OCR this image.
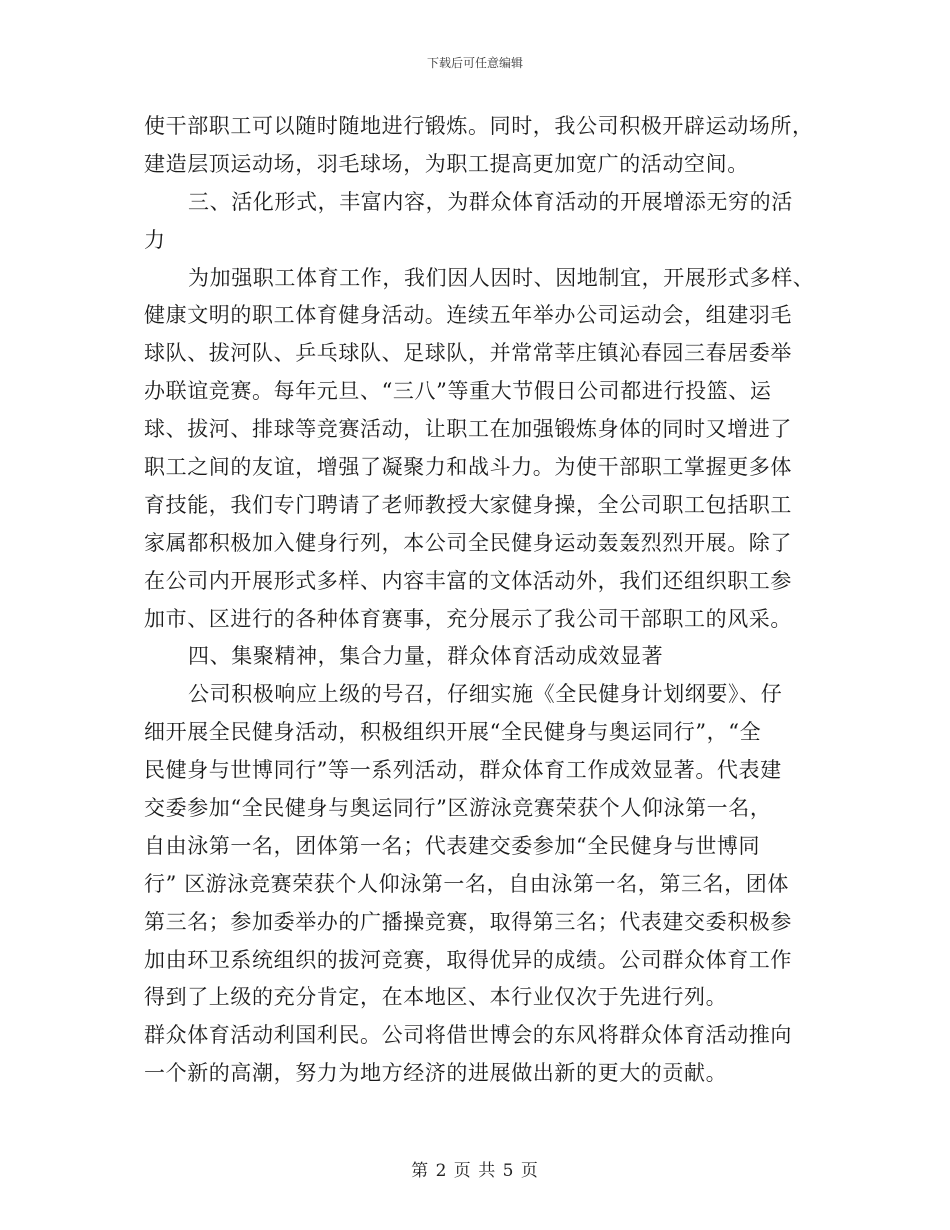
下载后可任意编辑
使干部职工可以随时随地进行锻炼。同时，我公司积极开辟运动场所，
建造层顶运动场，羽毛球场，为职工提高更加宽广的活动空间。
三、活化形式，丰富内容，为群众体育活动的开展增添无穷的活
力
为加强职工体育工作，我们因人因时、因地制宜，开展形式多样、
健康文明的职工体育健身活动。连续五年举办公司运动会，组建羽毛
球队、拔河队、乒乓球队、足球队，并常常莘庄镇沁春园三春居委举
办联谊竞赛。每年元旦、“三八”等重大节假日公司都进行投篮、运
球、拔河、排球等竞赛活动，让职工在加强锻炼身体的同时又增进了
职工之间的友谊，增强了凝聚力和战斗力。为使干部职工掌握更多体
育技能，我们专门聘请了老师教授大家健身操，全公司职工包括职工
家属都积极加入健身行列，本公司全民健身运动轰轰烈烈开展。除了
在公司内开展形式多样、内容丰富的文体活动外，我们还组织职工参
加市、区进行的各种体育赛事，充分展示了我公司干部职工的风采。
四、集聚精神，集合力量，群众体育活动成效显著
公司积极响应上级的号召，仔细实施《全民健身计划纲要》、仔
细开展全民健身活动，积极组织开展“全民健身与奥运同行”，“全
民健身与世博同行”等一系列活动，群众体育工作成效显著。代表建
交委参加“全民健身与奥运同行”区游泳竞赛荣获个人仰泳第一名，
自由泳第一名，团体第一名；代表建交委参加“全民健身与世博同
行” 区游泳竞赛荣获个人仰泳第一名，自由泳第一名，第三名，团体
第三名；参加委举办的广播操竞赛，取得第三名；代表建交委积极参
加由环卫系统组织的拔河竞赛，取得优异的成绩。公司群众体育工作
得到了上级的充分肯定，在本地区、本行业仅次于先进行列。
群众体育活动利国利民。公司将借世博会的东风将群众体育活动推向
一个新的高潮，努力为地方经济的进展做出新的更大的贡献。
第 2 页 共 5 页
